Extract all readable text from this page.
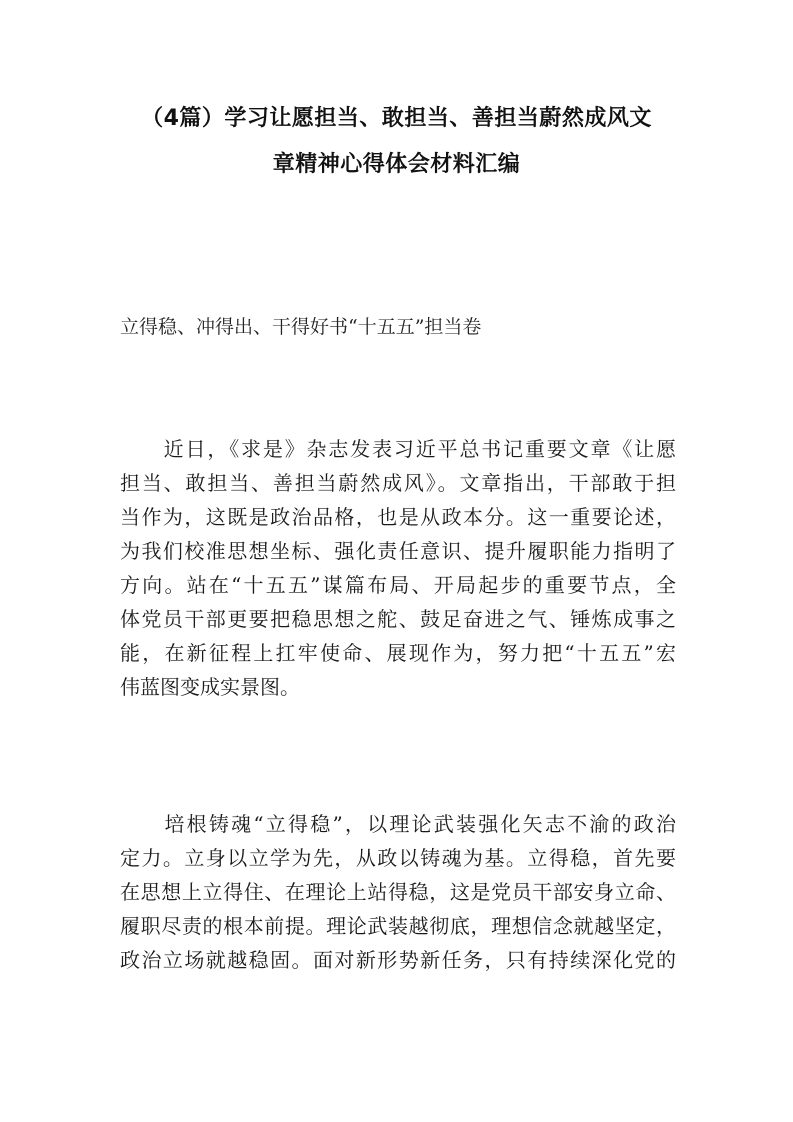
（4篇）学习让愿担当、敢担当、善担当蔚然成风文
章精神心得体会材料汇编
立得稳、冲得出、干得好书“十五五”担当卷
　　近日，《求是》杂志发表习近平总书记重要文章《让愿
担当、敢担当、善担当蔚然成风》。文章指出，干部敢于担
当作为，这既是政治品格，也是从政本分。这一重要论述，
为我们校准思想坐标、强化责任意识、提升履职能力指明了
方向。站在“十五五”谋篇布局、开局起步的重要节点，全
体党员干部更要把稳思想之舵、鼓足奋进之气、锤炼成事之
能，在新征程上扛牢使命、展现作为，努力把“十五五”宏
伟蓝图变成实景图。
　　培根铸魂“立得稳”，以理论武装强化矢志不渝的政治
定力。立身以立学为先，从政以铸魂为基。立得稳，首先要
在思想上立得住、在理论上站得稳，这是党员干部安身立命、
履职尽责的根本前提。理论武装越彻底，理想信念就越坚定，
政治立场就越稳固。面对新形势新任务，只有持续深化党的
